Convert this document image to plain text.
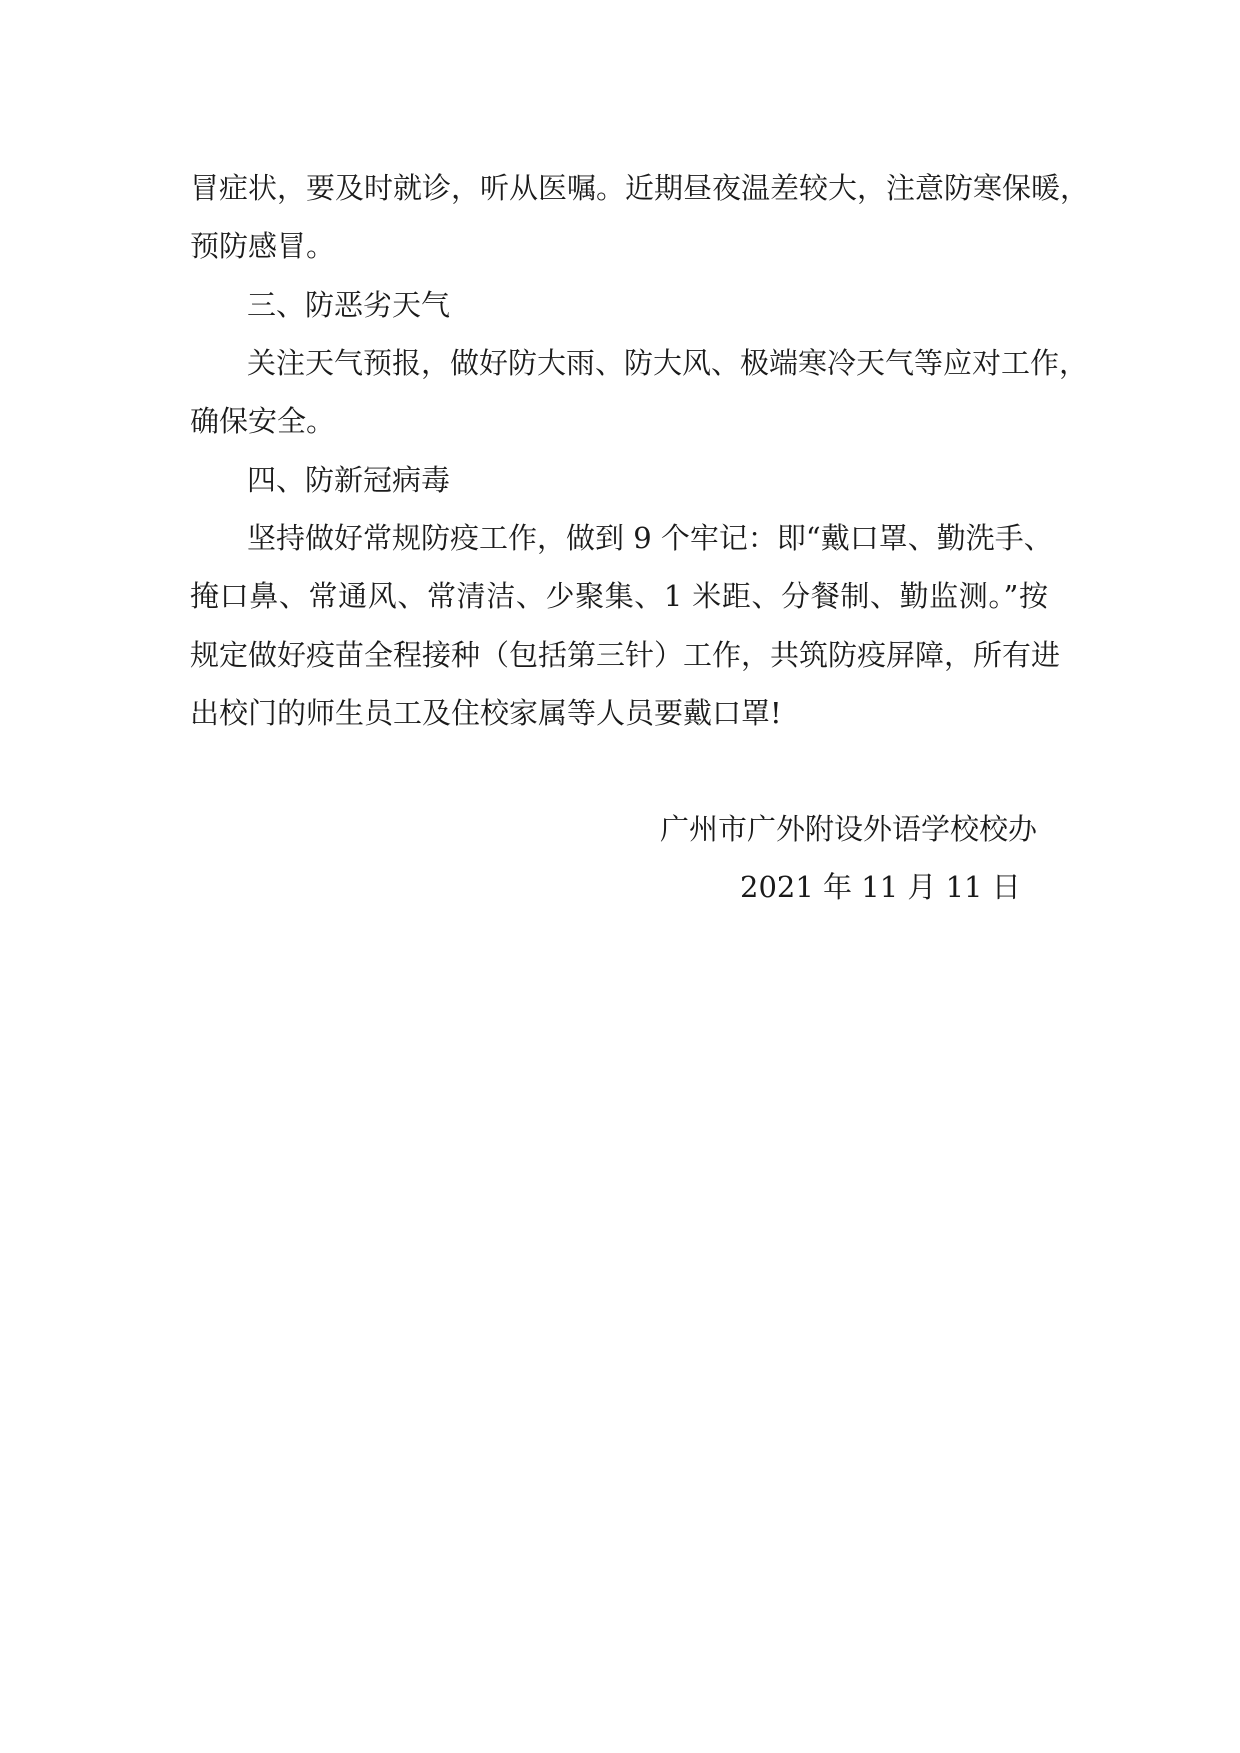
冒症状，要及时就诊，听从医嘱。近期昼夜温差较大，注意防寒保暖，
预防感冒。
三、防恶劣天气
关注天气预报，做好防大雨、防大风、极端寒冷天气等应对工作，
确保安全。
四、防新冠病毒
坚持做好常规防疫工作，做到 9 个牢记：即“戴口罩、勤洗手、
掩口鼻、常通风、常清洁、少聚集、1 米距、分餐制、勤监测。”按
规定做好疫苗全程接种（包括第三针）工作，共筑防疫屏障，所有进
出校门的师生员工及住校家属等人员要戴口罩!
广州市广外附设外语学校校办
2021 年 11 月 11 日
